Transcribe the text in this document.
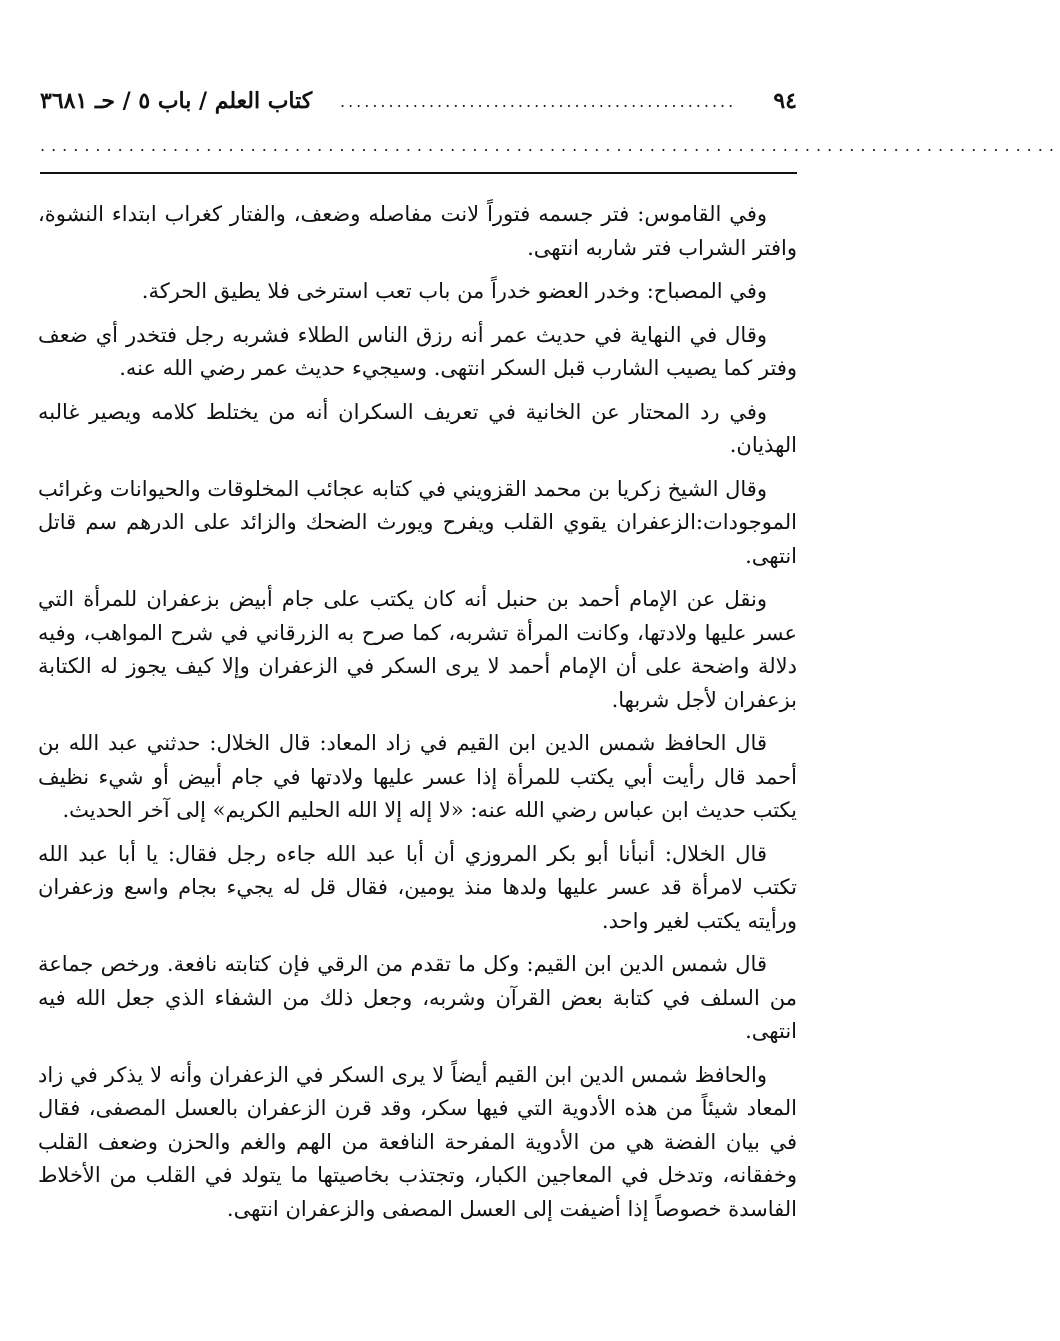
كتاب العلم / باب ٥ / حـ ٣٦٨١ ................................................. ٩٤
............................................................................................

وفي القاموس: فتر جسمه فتوراً لانت مفاصله وضعف، والفتار كغراب ابتداء النشوة، وافتر الشراب فتر شاربه انتهى.

وفي المصباح: وخدر العضو خدراً من باب تعب استرخى فلا يطيق الحركة.

وقال في النهاية في حديث عمر أنه رزق الناس الطلاء فشربه رجل فتخدر أي ضعف وفتر كما يصيب الشارب قبل السكر انتهى. وسيجيء حديث عمر رضي الله عنه.

وفي رد المحتار عن الخانية في تعريف السكران أنه من يختلط كلامه ويصير غالبه الهذيان.

وقال الشيخ زكريا بن محمد القزويني في كتابه عجائب المخلوقات والحيوانات وغرائب الموجودات:الزعفران يقوي القلب ويفرح ويورث الضحك والزائد على الدرهم سم قاتل انتهى.

ونقل عن الإمام أحمد بن حنبل أنه كان يكتب على جام أبيض بزعفران للمرأة التي عسر عليها ولادتها، وكانت المرأة تشربه، كما صرح به الزرقاني في شرح المواهب، وفيه دلالة واضحة على أن الإمام أحمد لا يرى السكر في الزعفران وإلا كيف يجوز له الكتابة بزعفران لأجل شربها.

قال الحافظ شمس الدين ابن القيم في زاد المعاد: قال الخلال: حدثني عبد الله بن أحمد قال رأيت أبي يكتب للمرأة إذا عسر عليها ولادتها في جام أبيض أو شيء نظيف يكتب حديث ابن عباس رضي الله عنه: «لا إله إلا الله الحليم الكريم» إلى آخر الحديث.

قال الخلال: أنبأنا أبو بكر المروزي أن أبا عبد الله جاءه رجل فقال: يا أبا عبد الله تكتب لامرأة قد عسر عليها ولدها منذ يومين، فقال قل له يجيء بجام واسع وزعفران ورأيته يكتب لغير واحد.

قال شمس الدين ابن القيم: وكل ما تقدم من الرقي فإن كتابته نافعة. ورخص جماعة من السلف في كتابة بعض القرآن وشربه، وجعل ذلك من الشفاء الذي جعل الله فيه انتهى.

والحافظ شمس الدين ابن القيم أيضاً لا يرى السكر في الزعفران وأنه لا يذكر في زاد المعاد شيئاً من هذه الأدوية التي فيها سكر، وقد قرن الزعفران بالعسل المصفى، فقال في بيان الفضة هي من الأدوية المفرحة النافعة من الهم والغم والحزن وضعف القلب وخفقانه، وتدخل في المعاجين الكبار، وتجتذب بخاصيتها ما يتولد في القلب من الأخلاط الفاسدة خصوصاً إذا أضيفت إلى العسل المصفى والزعفران انتهى.
